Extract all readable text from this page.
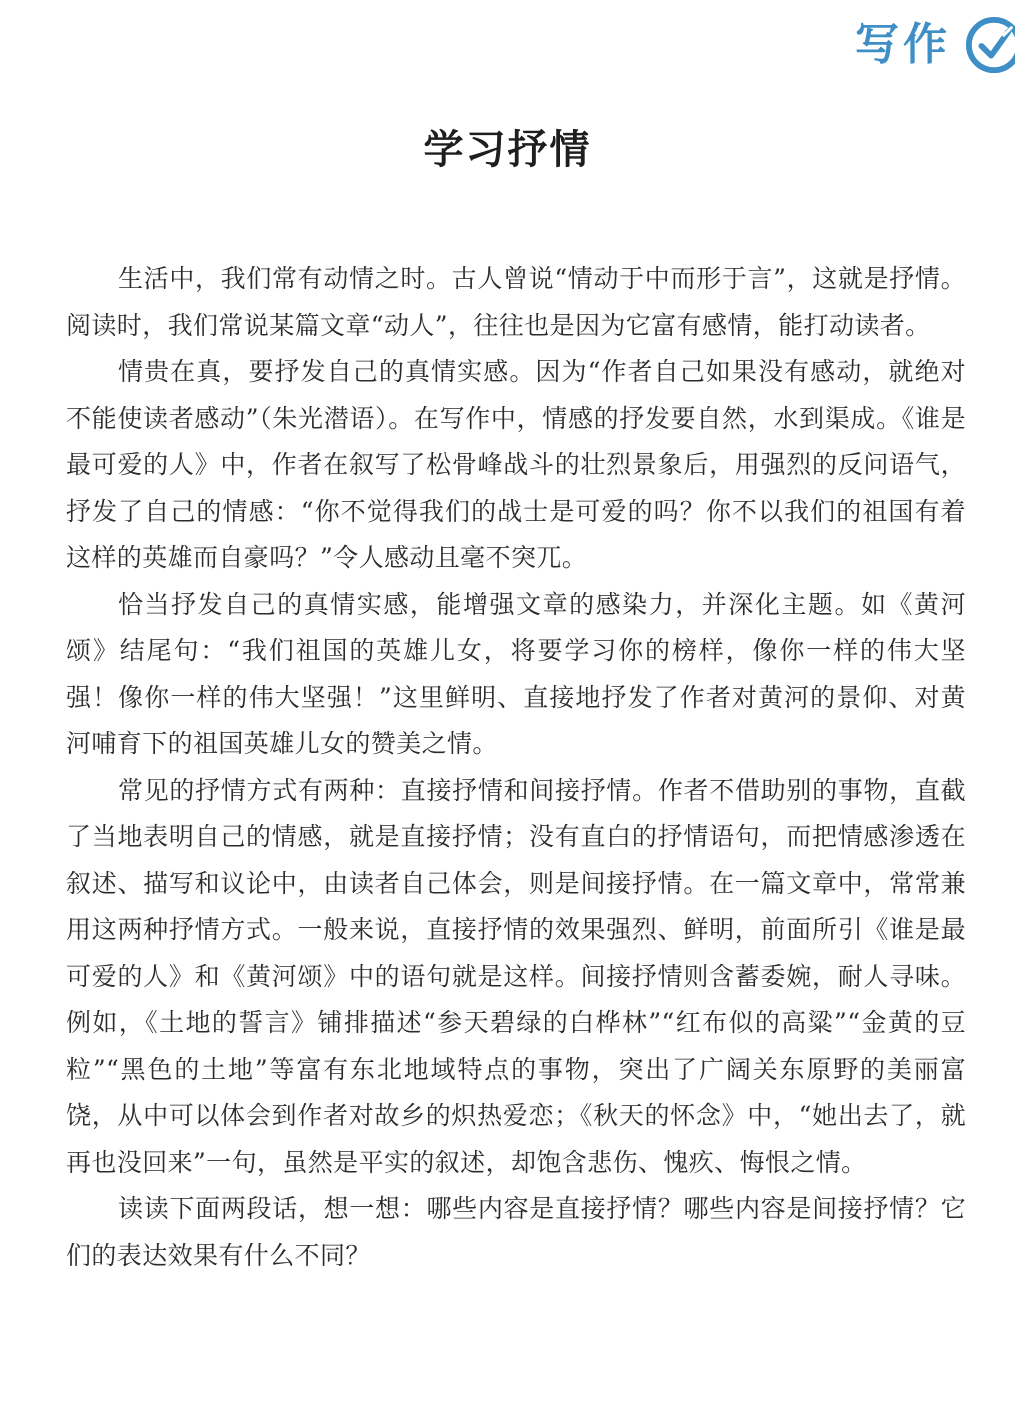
写作
学习抒情

生活中，我们常有动情之时。古人曾说“情动于中而形于言”，这就是抒情。阅读时，我们常说某篇文章“动人”，往往也是因为它富有感情，能打动读者。

情贵在真，要抒发自己的真情实感。因为“作者自己如果没有感动，就绝对不能使读者感动”（朱光潜语）。在写作中，情感的抒发要自然，水到渠成。《谁是最可爱的人》中，作者在叙写了松骨峰战斗的壮烈景象后，用强烈的反问语气，抒发了自己的情感：“你不觉得我们的战士是可爱的吗？你不以我们的祖国有着这样的英雄而自豪吗？”令人感动且毫不突兀。

恰当抒发自己的真情实感，能增强文章的感染力，并深化主题。如《黄河颂》结尾句：“我们祖国的英雄儿女，将要学习你的榜样，像你一样的伟大坚强！像你一样的伟大坚强！”这里鲜明、直接地抒发了作者对黄河的景仰、对黄河哺育下的祖国英雄儿女的赞美之情。

常见的抒情方式有两种：直接抒情和间接抒情。作者不借助别的事物，直截了当地表明自己的情感，就是直接抒情；没有直白的抒情语句，而把情感渗透在叙述、描写和议论中，由读者自己体会，则是间接抒情。在一篇文章中，常常兼用这两种抒情方式。一般来说，直接抒情的效果强烈、鲜明，前面所引《谁是最可爱的人》和《黄河颂》中的语句就是这样。间接抒情则含蓄委婉，耐人寻味。例如，《土地的誓言》铺排描述“参天碧绿的白桦林”“红布似的高粱”“金黄的豆粒”“黑色的土地”等富有东北地域特点的事物，突出了广阔关东原野的美丽富饶，从中可以体会到作者对故乡的炽热爱恋；《秋天的怀念》中，“她出去了，就再也没回来”一句，虽然是平实的叙述，却饱含悲伤、愧疚、悔恨之情。

读读下面两段话，想一想：哪些内容是直接抒情？哪些内容是间接抒情？它们的表达效果有什么不同？
